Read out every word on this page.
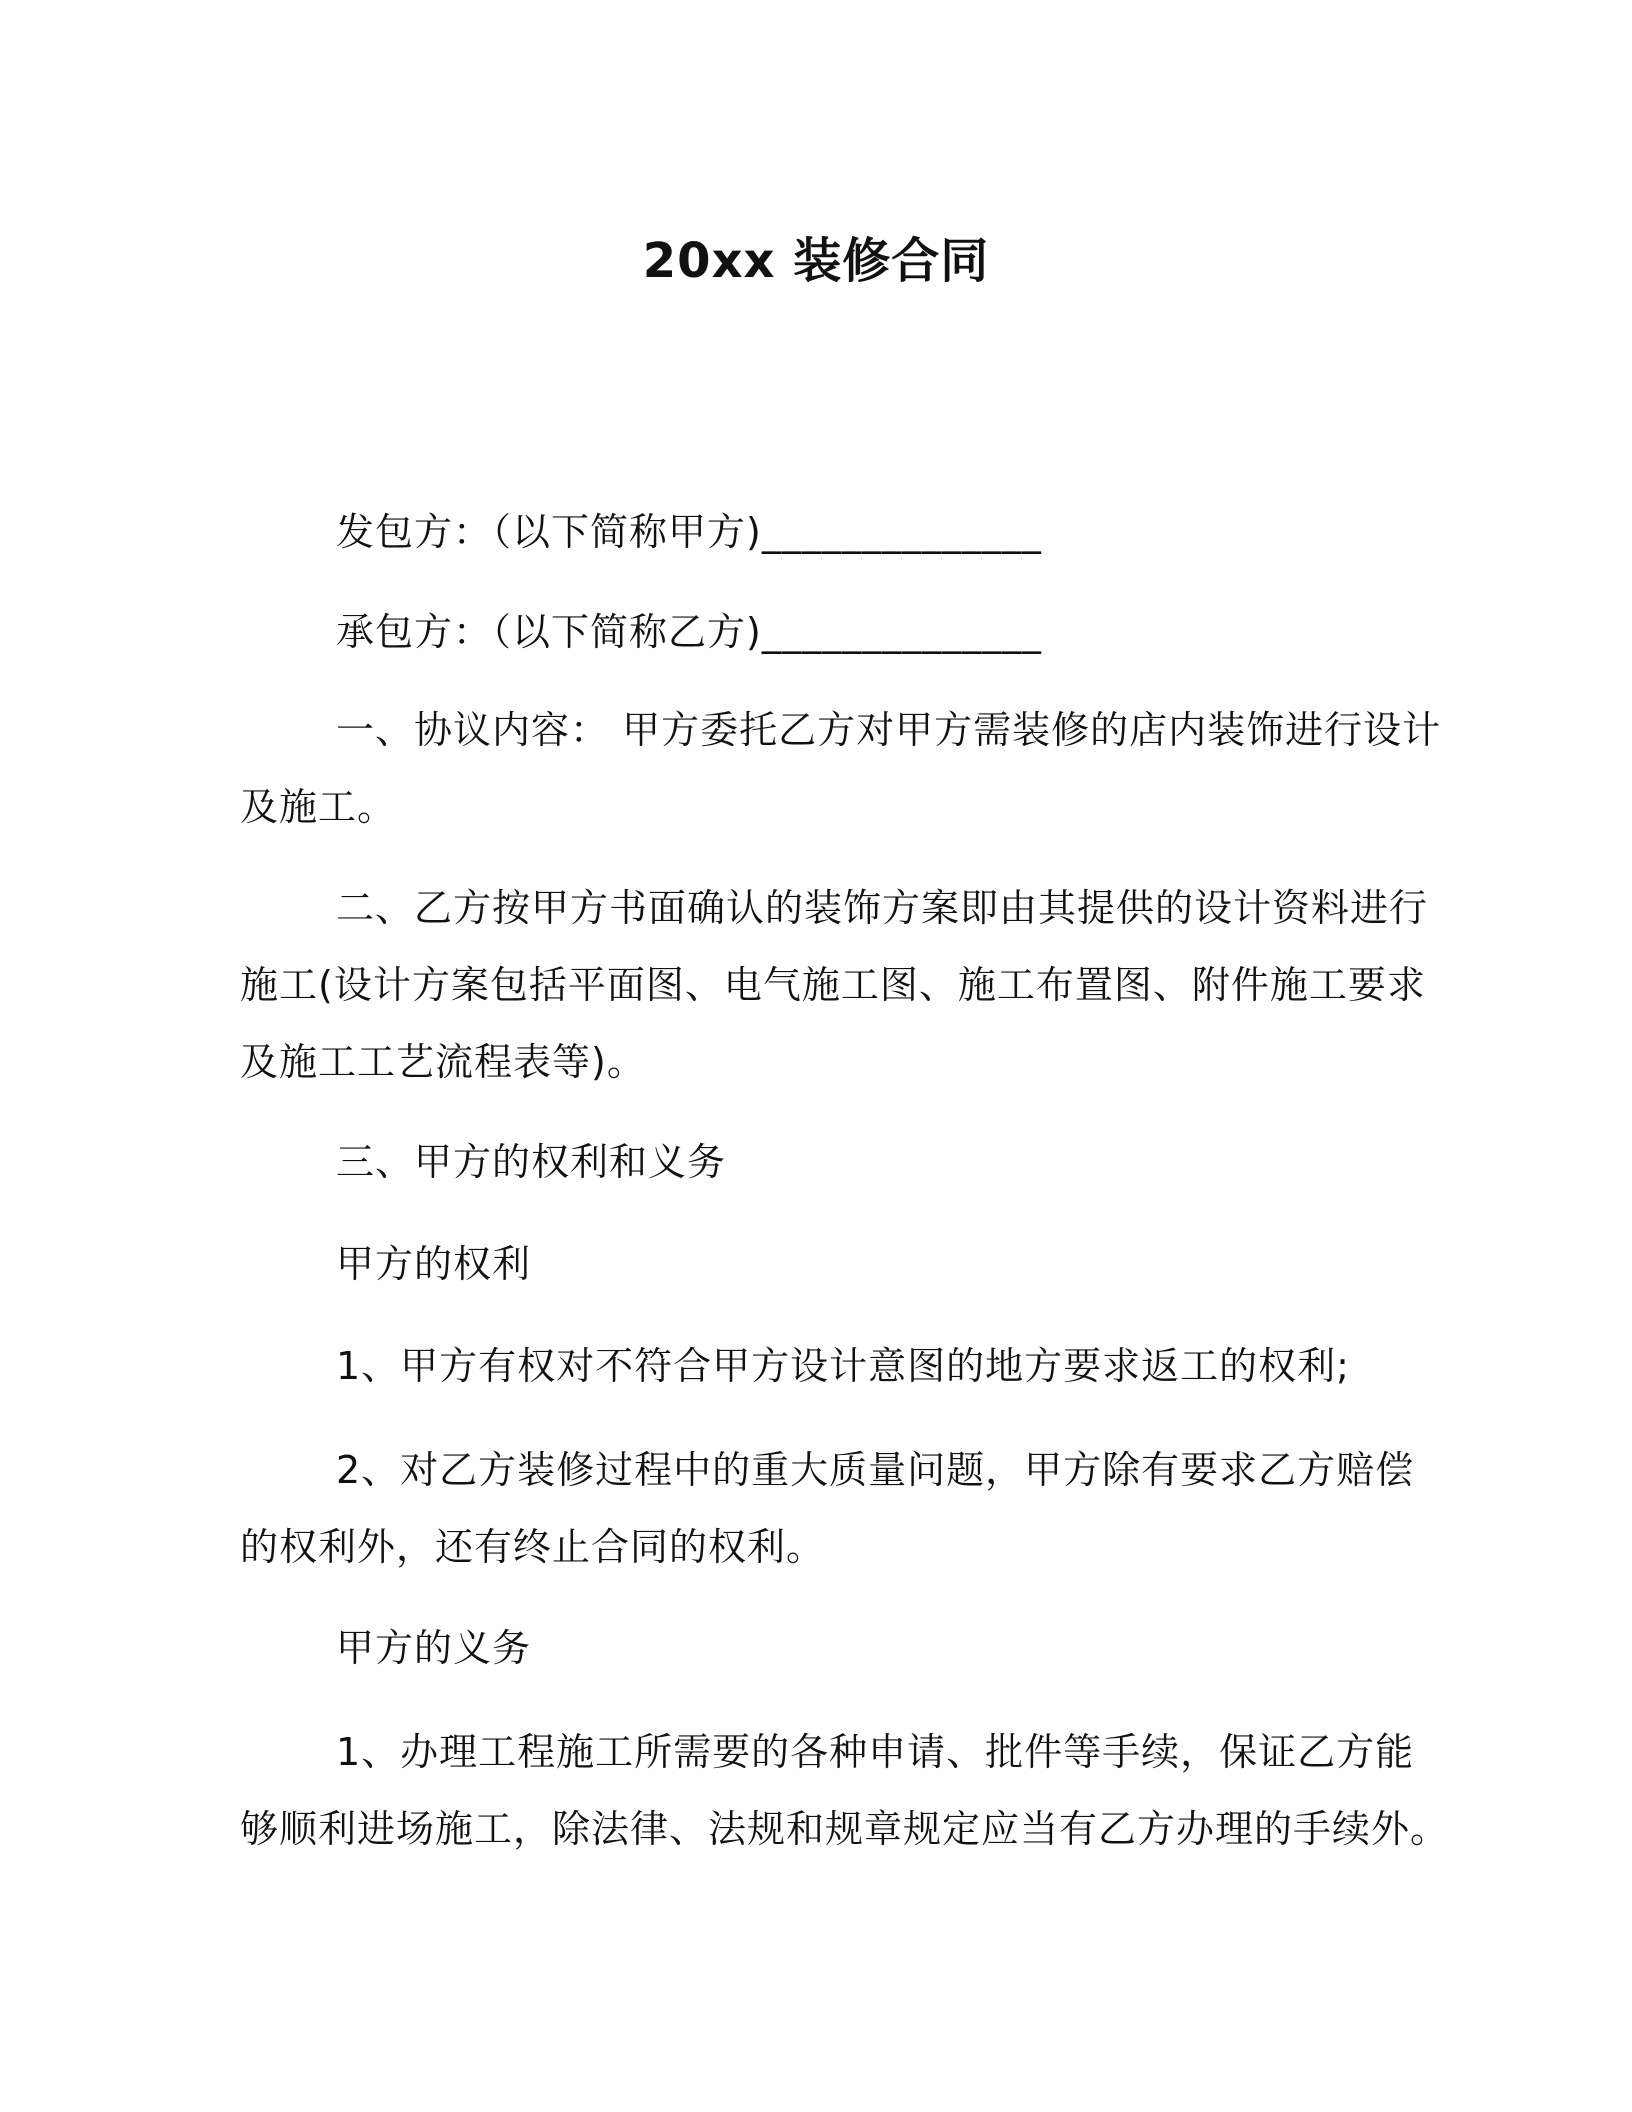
20xx 装修合同
发包方：（以下简称甲方)______________
承包方：（以下简称乙方)______________
一、协议内容： 甲方委托乙方对甲方需装修的店内装饰进行设计
及施工。
二、乙方按甲方书面确认的装饰方案即由其提供的设计资料进行
施工(设计方案包括平面图、电气施工图、施工布置图、附件施工要求
及施工工艺流程表等)。
三、甲方的权利和义务
甲方的权利
1、甲方有权对不符合甲方设计意图的地方要求返工的权利;
2、对乙方装修过程中的重大质量问题，甲方除有要求乙方赔偿
的权利外，还有终止合同的权利。
甲方的义务
1、办理工程施工所需要的各种申请、批件等手续，保证乙方能
够顺利进场施工，除法律、法规和规章规定应当有乙方办理的手续外。
